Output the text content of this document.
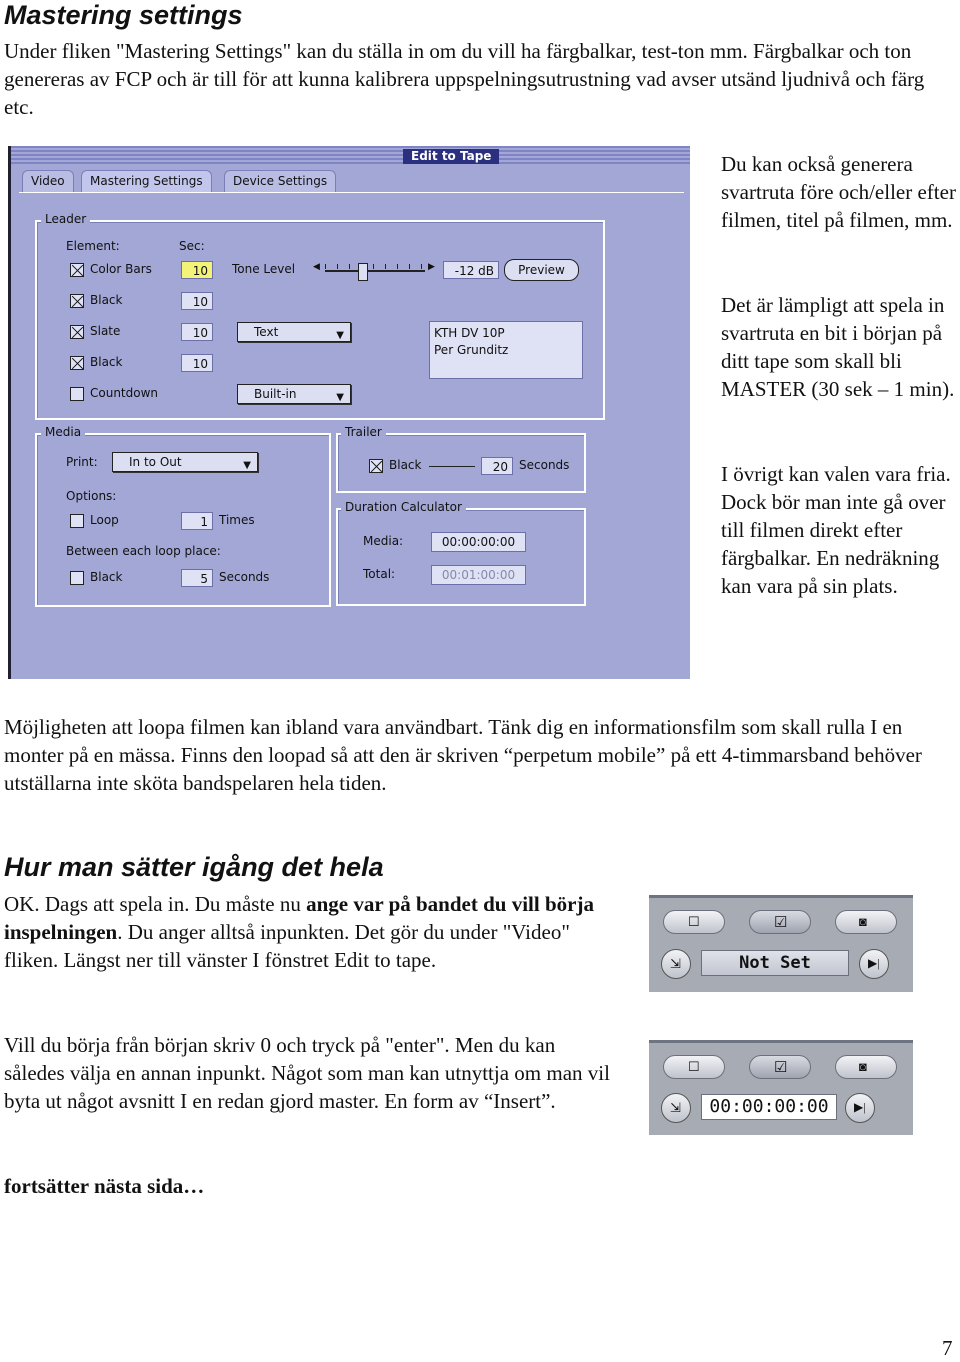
Mastering settings

Under fliken "Mastering Settings" kan du ställa in om du vill ha färgbalkar, test-ton mm. Färgbalkar och ton genereras av FCP och är till för att kunna kalibrera uppspelningsutrustning vad avser utsänd ljudnivå och färg etc.

Du kan också generera svartruta före och/eller efter filmen, titel på filmen, mm.
Det är lämpligt att spela in svartruta en bit i början på ditt tape som skall bli MASTER (30 sek – 1 min).
I övrigt kan valen vara fria. Dock bör man inte gå over till filmen direkt efter färgbalkar. En nedräkning kan vara på sin plats.
Edit to Tape
Video	Mastering Settings	Device Settings
Leader
Element:	Sec:
Color Bars	10	Tone Level ◀	▶	-12 dB	Preview
Black	10
Slate	10	Text	▼	KTH DV 10P
Per Grunditz
Black	10
Countdown	Built-in	▼
Media
Print:	In to Out	▼
Options:
Loop	1 Times
Between each loop place:
Black	5 Seconds
Trailer
Black	20 Seconds
Duration Calculator
Media:	00:00:00:00
Total:	00:01:00:00

Möjligheten att loopa filmen kan ibland vara användbart. Tänk dig en informationsfilm som skall rulla I en monter på en mässa. Finns den loopad så att den är skriven “perpetum mobile” på ett 4-timmarsband behöver utställarna inte sköta bandspelaren hela tiden.

Hur man sätter igång det hela

OK. Dags att spela in. Du måste nu ange var på bandet du vill börja inspelningen. Du anger alltså inpunkten. Det gör du under "Video" fliken. Längst ner till vänster I fönstret Edit to tape.

Vill du börja från början skriv 0 och tryck på "enter". Men du kan     således välja en annan inpunkt. Något som man kan utnyttja om man vil byta ut något avsnitt I en redan gjord master. En form av “Insert”.

fortsätter nästa sida…

☐	☑	◙
⇲	Not Set	▶|
☐	☑	◙
⇲	00:00:00:00	▶|
7
